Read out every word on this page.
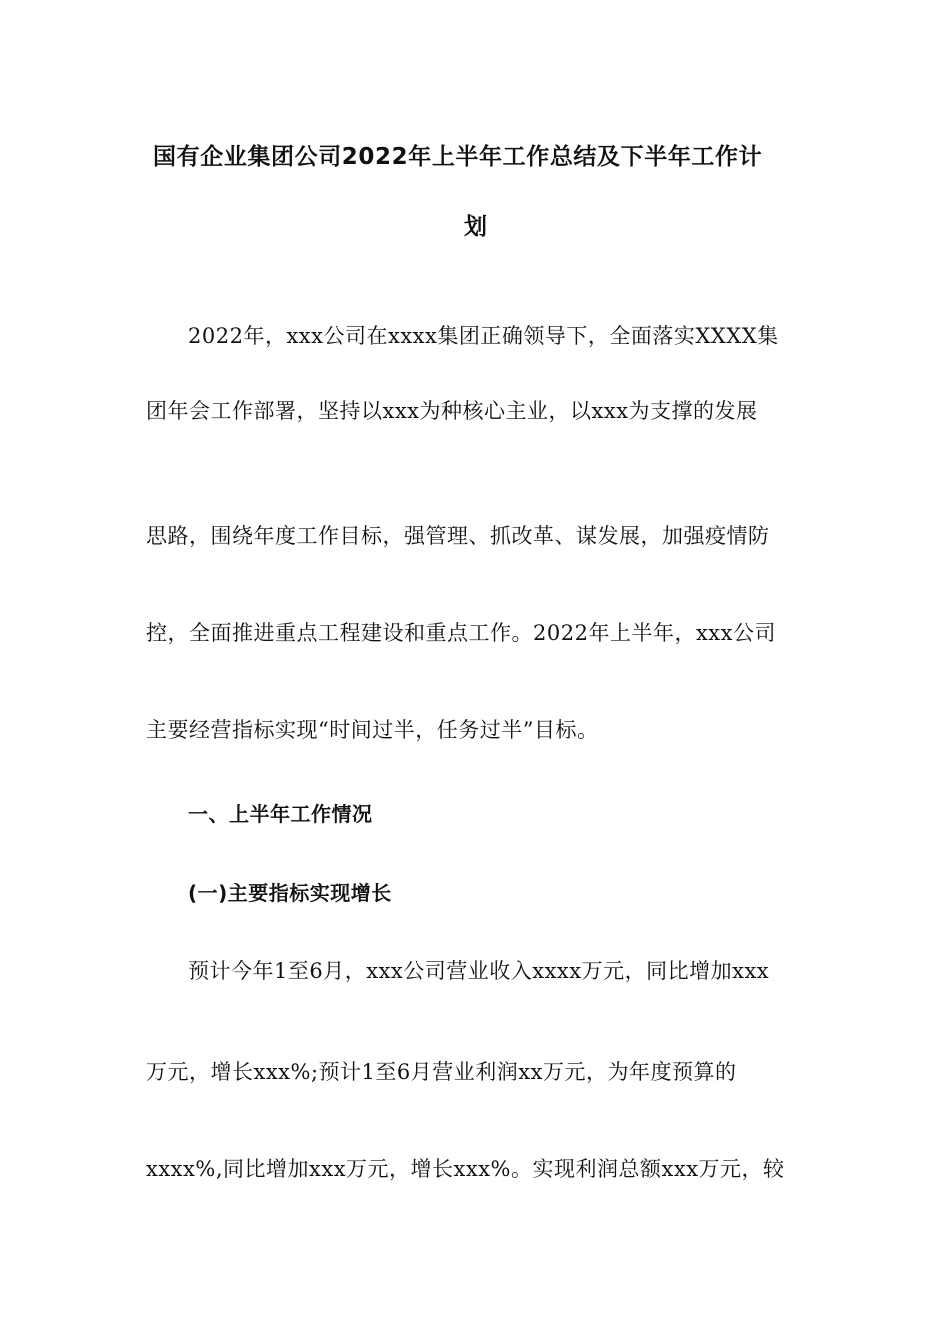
国有企业集团公司2022年上半年工作总结及下半年工作计
划
2022年，xxx公司在xxxx集团正确领导下，全面落实XXXX集
团年会工作部署，坚持以xxx为种核心主业，以xxx为支撑的发展
思路，围绕年度工作目标，强管理、抓改革、谋发展，加强疫情防
控，全面推进重点工程建设和重点工作。2022年上半年，xxx公司
主要经营指标实现“时间过半，任务过半”目标。
一、上半年工作情况
(一)主要指标实现增长
预计今年1至6月，xxx公司营业收入xxxx万元，同比增加xxx
万元，增长xxx%;预计1至6月营业利润xx万元，为年度预算的
xxxx%,同比增加xxx万元，增长xxx%。实现利润总额xxx万元，较
